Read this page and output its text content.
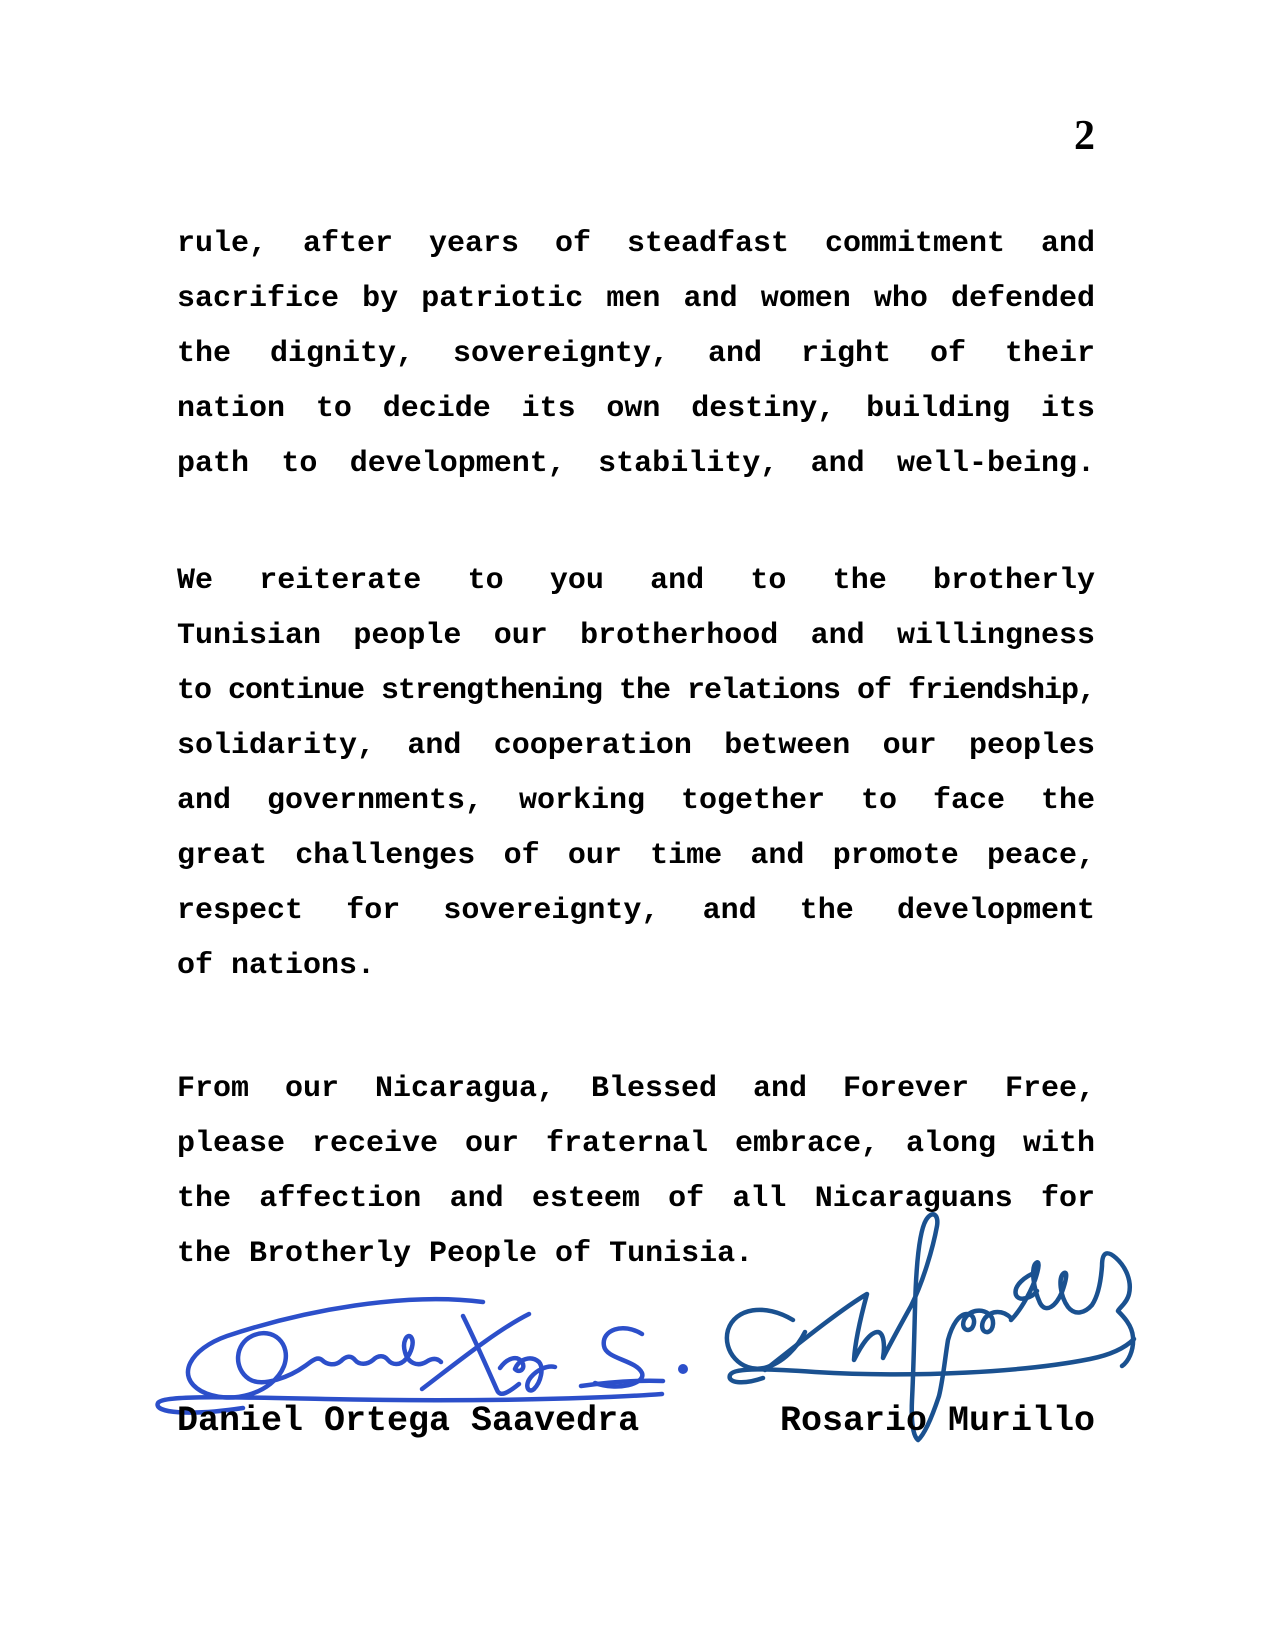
2
rule, after years of steadfast commitment and
sacrifice by patriotic men and women who defended
the dignity, sovereignty, and right of their
nation to decide its own destiny, building its
path to development, stability, and well-being.
We reiterate to you and to the brotherly
Tunisian people our brotherhood and willingness
to continue strengthening the relations of friendship,
solidarity, and cooperation between our peoples
and governments, working together to face the
great challenges of our time and promote peace,
respect for sovereignty, and the development
of nations.
From our Nicaragua, Blessed and Forever Free,
please receive our fraternal embrace, along with
the affection and esteem of all Nicaraguans for
the Brotherly People of Tunisia.
Daniel Ortega Saavedra	Rosario Murillo
